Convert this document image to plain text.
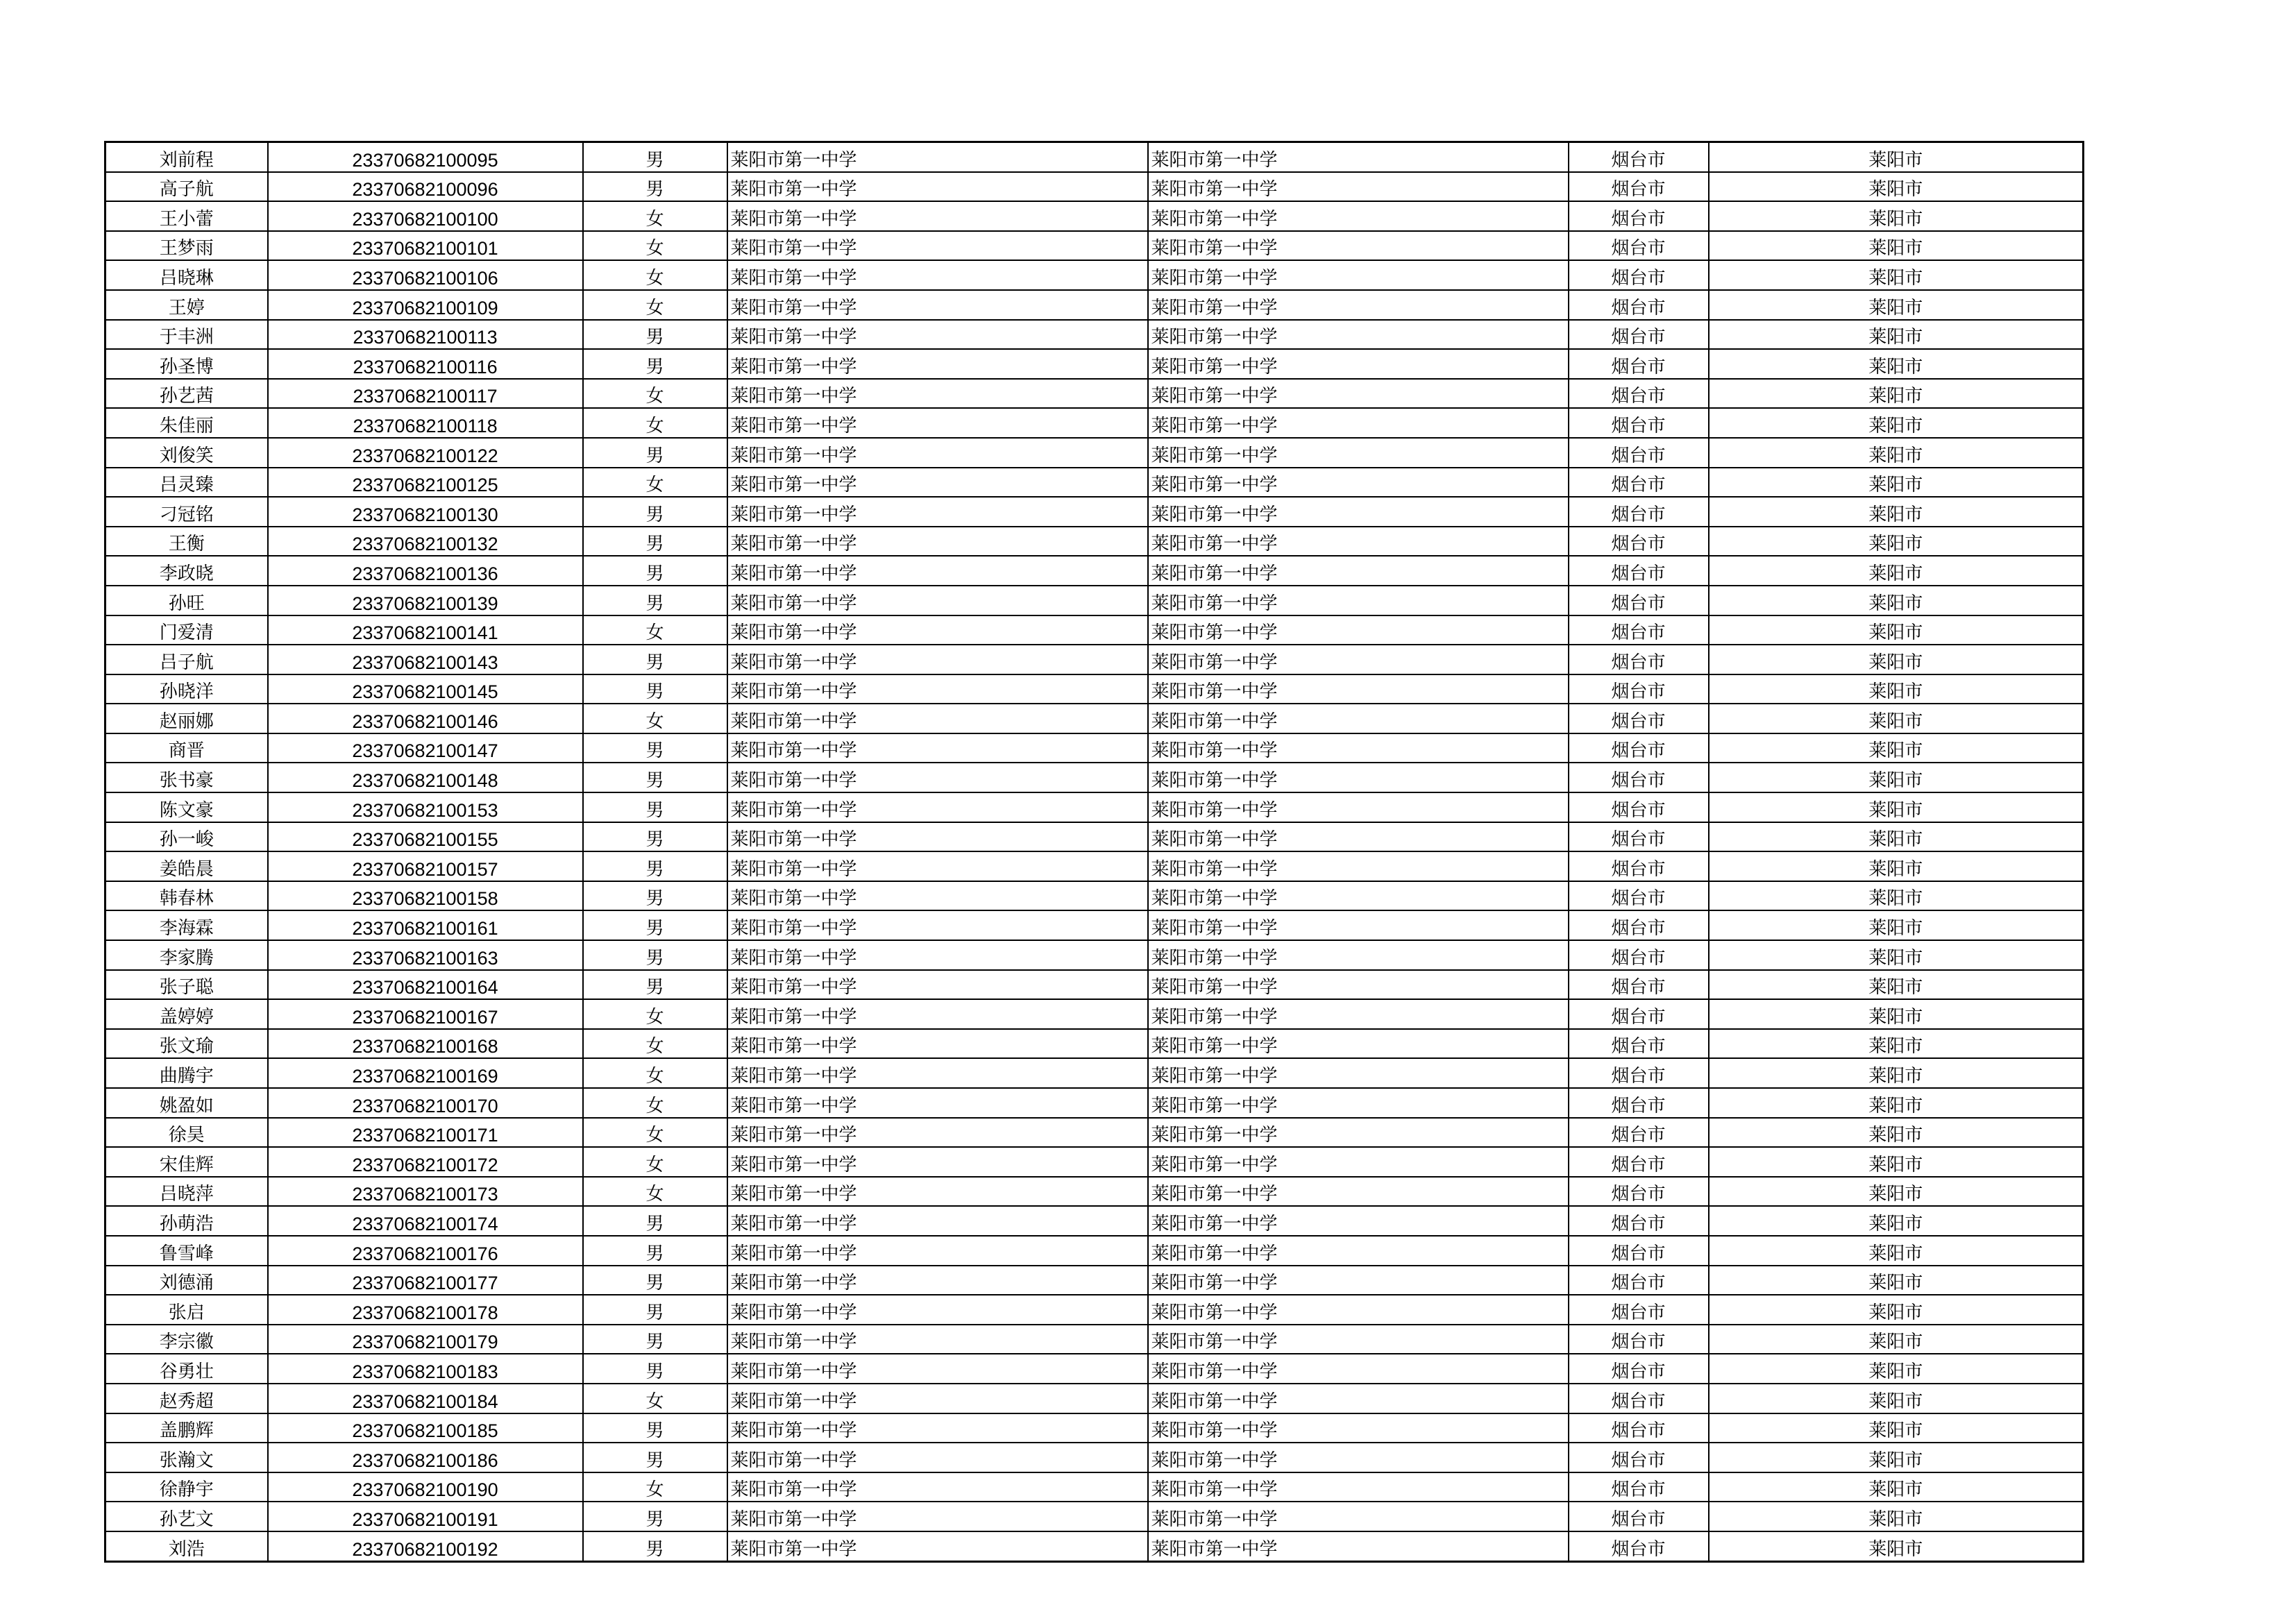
刘前程	23370682100095	男	莱阳市第一中学	莱阳市第一中学	烟台市	莱阳市
高子航	23370682100096	男	莱阳市第一中学	莱阳市第一中学	烟台市	莱阳市
王小蕾	23370682100100	女	莱阳市第一中学	莱阳市第一中学	烟台市	莱阳市
王梦雨	23370682100101	女	莱阳市第一中学	莱阳市第一中学	烟台市	莱阳市
吕晓琳	23370682100106	女	莱阳市第一中学	莱阳市第一中学	烟台市	莱阳市
王婷	23370682100109	女	莱阳市第一中学	莱阳市第一中学	烟台市	莱阳市
于丰洲	23370682100113	男	莱阳市第一中学	莱阳市第一中学	烟台市	莱阳市
孙圣博	23370682100116	男	莱阳市第一中学	莱阳市第一中学	烟台市	莱阳市
孙艺茜	23370682100117	女	莱阳市第一中学	莱阳市第一中学	烟台市	莱阳市
朱佳丽	23370682100118	女	莱阳市第一中学	莱阳市第一中学	烟台市	莱阳市
刘俊笑	23370682100122	男	莱阳市第一中学	莱阳市第一中学	烟台市	莱阳市
吕灵臻	23370682100125	女	莱阳市第一中学	莱阳市第一中学	烟台市	莱阳市
刁冠铭	23370682100130	男	莱阳市第一中学	莱阳市第一中学	烟台市	莱阳市
王衡	23370682100132	男	莱阳市第一中学	莱阳市第一中学	烟台市	莱阳市
李政晓	23370682100136	男	莱阳市第一中学	莱阳市第一中学	烟台市	莱阳市
孙旺	23370682100139	男	莱阳市第一中学	莱阳市第一中学	烟台市	莱阳市
门爱清	23370682100141	女	莱阳市第一中学	莱阳市第一中学	烟台市	莱阳市
吕子航	23370682100143	男	莱阳市第一中学	莱阳市第一中学	烟台市	莱阳市
孙晓洋	23370682100145	男	莱阳市第一中学	莱阳市第一中学	烟台市	莱阳市
赵丽娜	23370682100146	女	莱阳市第一中学	莱阳市第一中学	烟台市	莱阳市
商晋	23370682100147	男	莱阳市第一中学	莱阳市第一中学	烟台市	莱阳市
张书豪	23370682100148	男	莱阳市第一中学	莱阳市第一中学	烟台市	莱阳市
陈文豪	23370682100153	男	莱阳市第一中学	莱阳市第一中学	烟台市	莱阳市
孙一峻	23370682100155	男	莱阳市第一中学	莱阳市第一中学	烟台市	莱阳市
姜皓晨	23370682100157	男	莱阳市第一中学	莱阳市第一中学	烟台市	莱阳市
韩春林	23370682100158	男	莱阳市第一中学	莱阳市第一中学	烟台市	莱阳市
李海霖	23370682100161	男	莱阳市第一中学	莱阳市第一中学	烟台市	莱阳市
李家腾	23370682100163	男	莱阳市第一中学	莱阳市第一中学	烟台市	莱阳市
张子聪	23370682100164	男	莱阳市第一中学	莱阳市第一中学	烟台市	莱阳市
盖婷婷	23370682100167	女	莱阳市第一中学	莱阳市第一中学	烟台市	莱阳市
张文瑜	23370682100168	女	莱阳市第一中学	莱阳市第一中学	烟台市	莱阳市
曲腾宇	23370682100169	女	莱阳市第一中学	莱阳市第一中学	烟台市	莱阳市
姚盈如	23370682100170	女	莱阳市第一中学	莱阳市第一中学	烟台市	莱阳市
徐昊	23370682100171	女	莱阳市第一中学	莱阳市第一中学	烟台市	莱阳市
宋佳辉	23370682100172	女	莱阳市第一中学	莱阳市第一中学	烟台市	莱阳市
吕晓萍	23370682100173	女	莱阳市第一中学	莱阳市第一中学	烟台市	莱阳市
孙萌浩	23370682100174	男	莱阳市第一中学	莱阳市第一中学	烟台市	莱阳市
鲁雪峰	23370682100176	男	莱阳市第一中学	莱阳市第一中学	烟台市	莱阳市
刘德涌	23370682100177	男	莱阳市第一中学	莱阳市第一中学	烟台市	莱阳市
张启	23370682100178	男	莱阳市第一中学	莱阳市第一中学	烟台市	莱阳市
李宗徽	23370682100179	男	莱阳市第一中学	莱阳市第一中学	烟台市	莱阳市
谷勇壮	23370682100183	男	莱阳市第一中学	莱阳市第一中学	烟台市	莱阳市
赵秀超	23370682100184	女	莱阳市第一中学	莱阳市第一中学	烟台市	莱阳市
盖鹏辉	23370682100185	男	莱阳市第一中学	莱阳市第一中学	烟台市	莱阳市
张瀚文	23370682100186	男	莱阳市第一中学	莱阳市第一中学	烟台市	莱阳市
徐静宇	23370682100190	女	莱阳市第一中学	莱阳市第一中学	烟台市	莱阳市
孙艺文	23370682100191	男	莱阳市第一中学	莱阳市第一中学	烟台市	莱阳市
刘浩	23370682100192	男	莱阳市第一中学	莱阳市第一中学	烟台市	莱阳市
